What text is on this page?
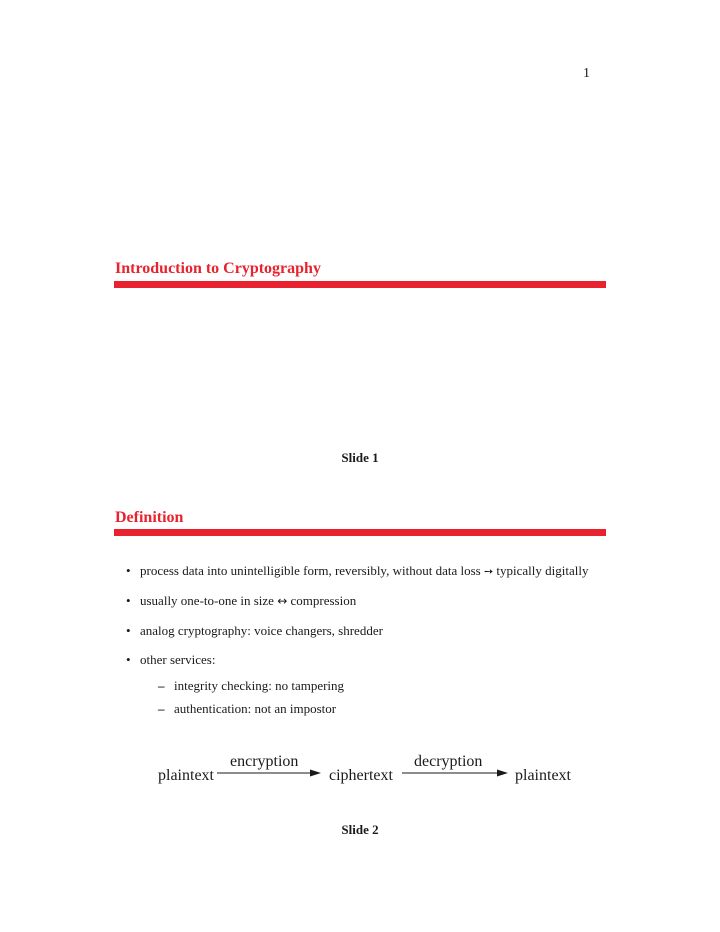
1
Introduction to Cryptography
Slide 1
Definition
• process data into unintelligible form, reversibly, without data loss ➙ typically digitally
• usually one-to-one in size ↔ compression
• analog cryptography: voice changers, shredder
• other services:
– integrity checking: no tampering
– authentication: not an impostor
plaintext
encryption
ciphertext
decryption
plaintext
Slide 2
